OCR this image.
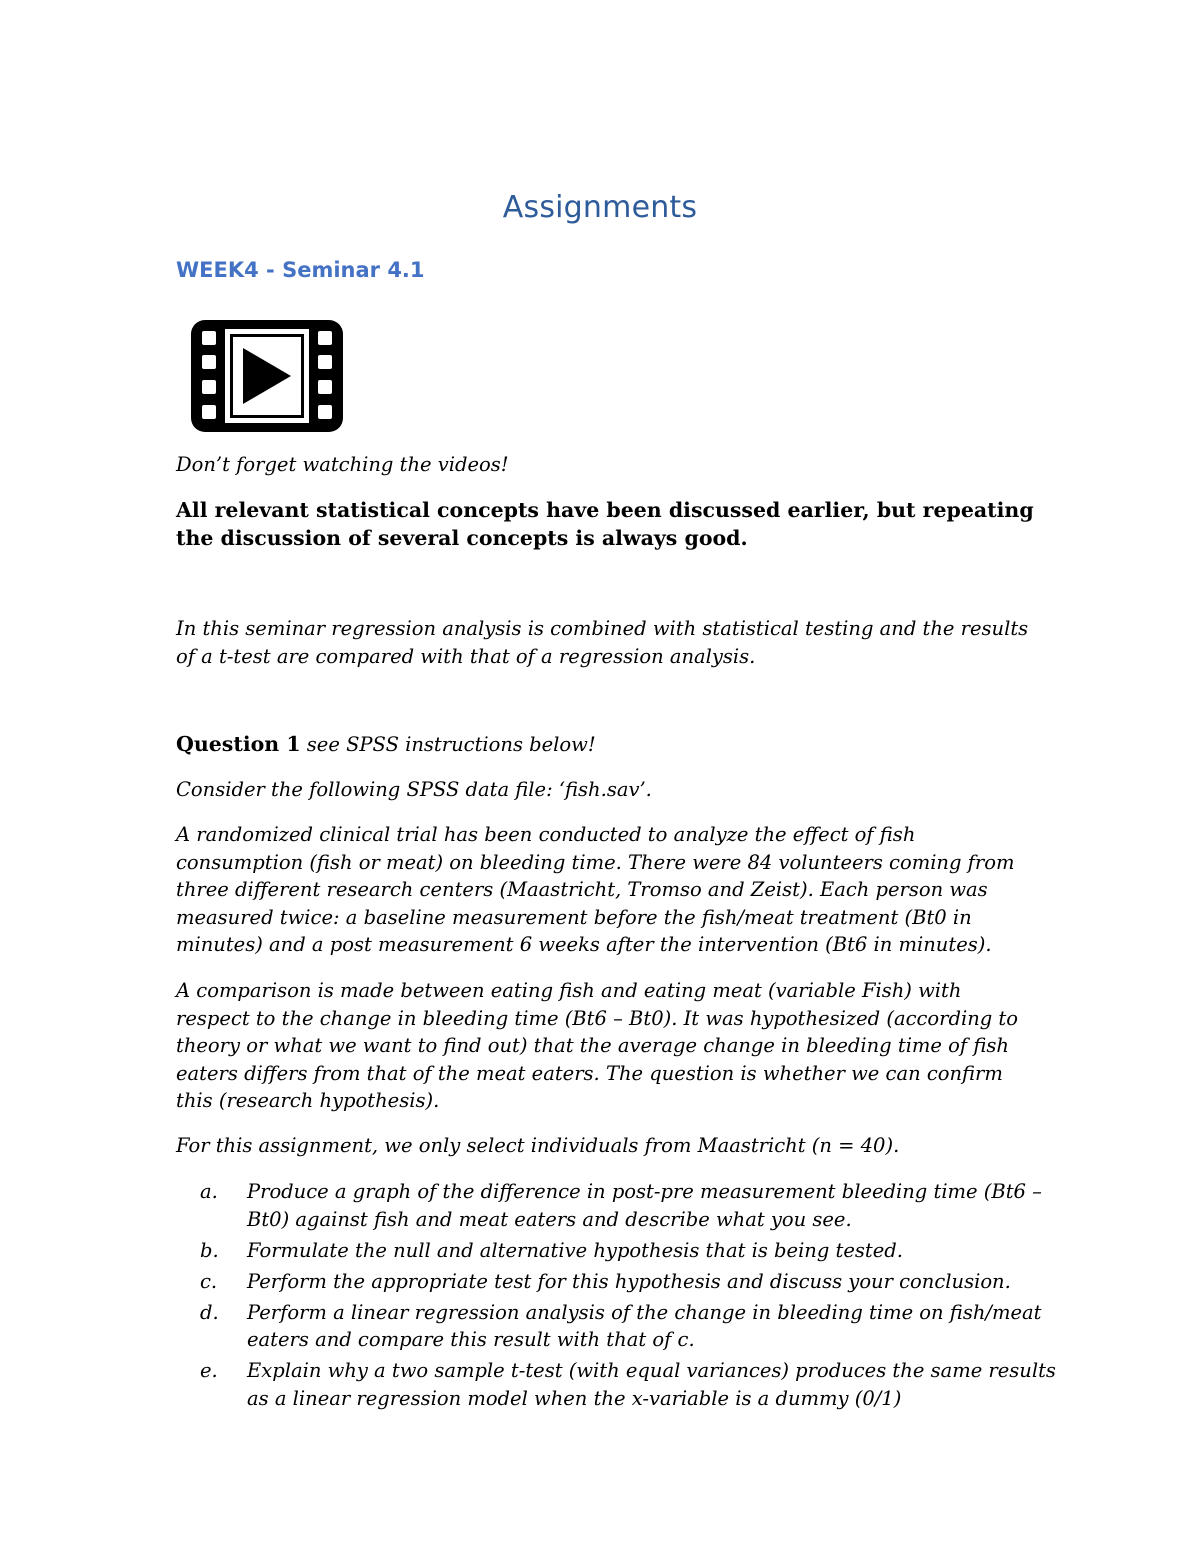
Assignments
WEEK4 - Seminar 4.1

Don’t forget watching the videos!

All relevant statistical concepts have been discussed earlier, but repeating the discussion of several concepts is always good.

In this seminar regression analysis is combined with statistical testing and the results of a t-test are compared with that of a regression analysis.

Question 1 see SPSS instructions below!

Consider the following SPSS data file: ‘fish.sav’.

A randomized clinical trial has been conducted to analyze the effect of fish consumption (fish or meat) on bleeding time. There were 84 volunteers coming from three different research centers (Maastricht, Tromso and Zeist). Each person was measured twice: a baseline measurement before the fish/meat treatment (Bt0 in minutes) and a post measurement 6 weeks after the intervention (Bt6 in minutes).

A comparison is made between eating fish and eating meat (variable Fish) with respect to the change in bleeding time (Bt6 – Bt0). It was hypothesized (according to theory or what we want to find out) that the average change in bleeding time of fish eaters differs from that of the meat eaters. The question is whether we can confirm this (research hypothesis).

For this assignment, we only select individuals from Maastricht (n = 40).

a. Produce a graph of the difference in post-pre measurement bleeding time (Bt6 – Bt0) against fish and meat eaters and describe what you see.
b. Formulate the null and alternative hypothesis that is being tested.
c. Perform the appropriate test for this hypothesis and discuss your conclusion.
d. Perform a linear regression analysis of the change in bleeding time on fish/meat eaters and compare this result with that of c.
e. Explain why a two sample t-test (with equal variances) produces the same results as a linear regression model when the x-variable is a dummy (0/1)
